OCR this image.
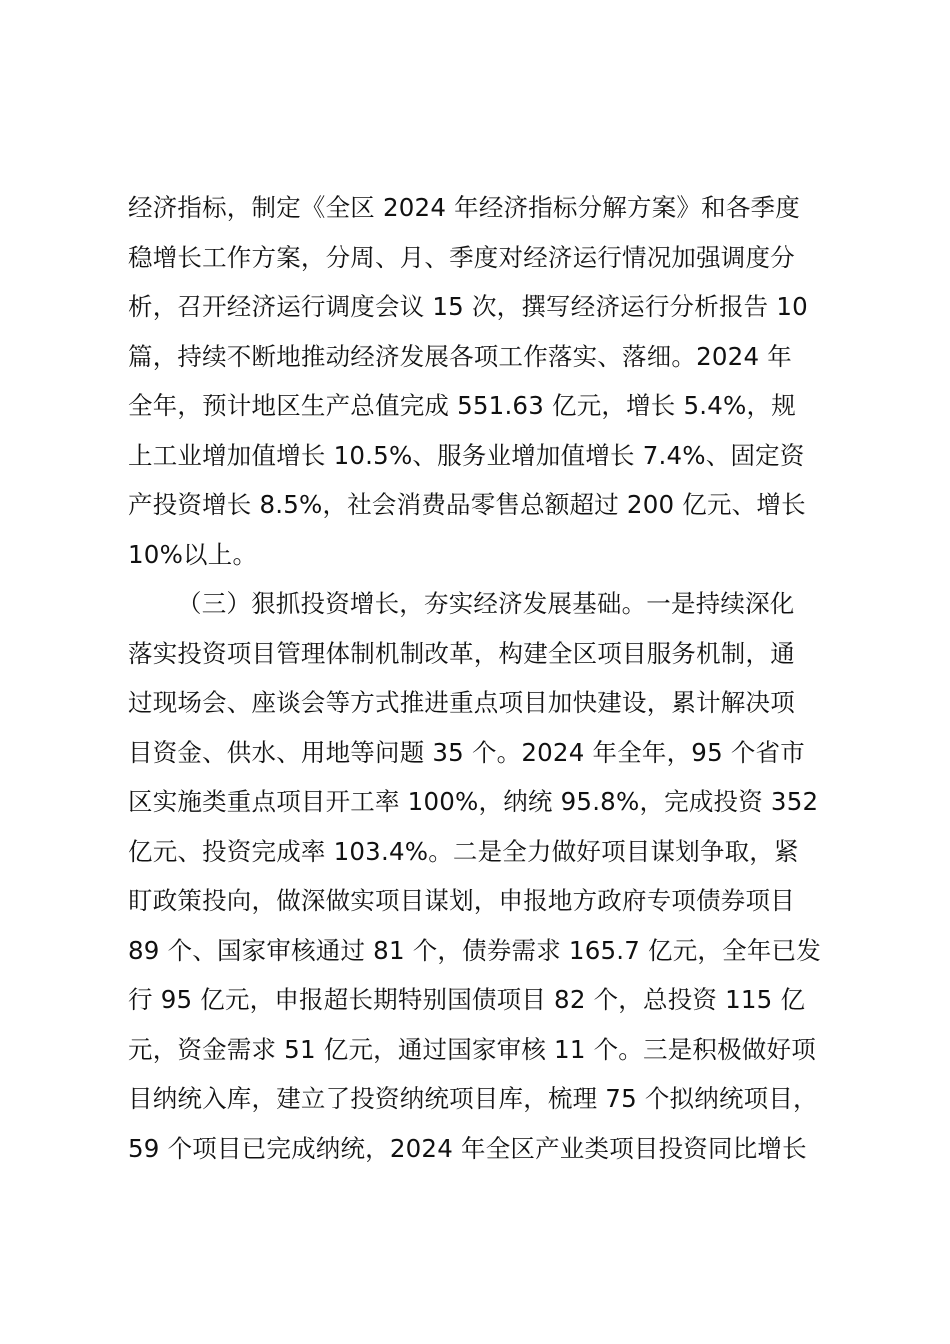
经济指标，制定《全区 2024 年经济指标分解方案》和各季度
稳增长工作方案，分周、月、季度对经济运行情况加强调度分
析，召开经济运行调度会议 15 次，撰写经济运行分析报告 10
篇，持续不断地推动经济发展各项工作落实、落细。2024 年
全年，预计地区生产总值完成 551.63 亿元，增长 5.4%，规
上工业增加值增长 10.5%、服务业增加值增长 7.4%、固定资
产投资增长 8.5%，社会消费品零售总额超过 200 亿元、增长
10%以上。
（三）狠抓投资增长，夯实经济发展基础。一是持续深化
落实投资项目管理体制机制改革，构建全区项目服务机制，通
过现场会、座谈会等方式推进重点项目加快建设，累计解决项
目资金、供水、用地等问题 35 个。2024 年全年，95 个省市
区实施类重点项目开工率 100%，纳统 95.8%，完成投资 352
亿元、投资完成率 103.4%。二是全力做好项目谋划争取，紧
盯政策投向，做深做实项目谋划，申报地方政府专项债券项目
89 个、国家审核通过 81 个，债券需求 165.7 亿元，全年已发
行 95 亿元，申报超长期特别国债项目 82 个，总投资 115 亿
元，资金需求 51 亿元，通过国家审核 11 个。三是积极做好项
目纳统入库，建立了投资纳统项目库，梳理 75 个拟纳统项目，
59 个项目已完成纳统，2024 年全区产业类项目投资同比增长
